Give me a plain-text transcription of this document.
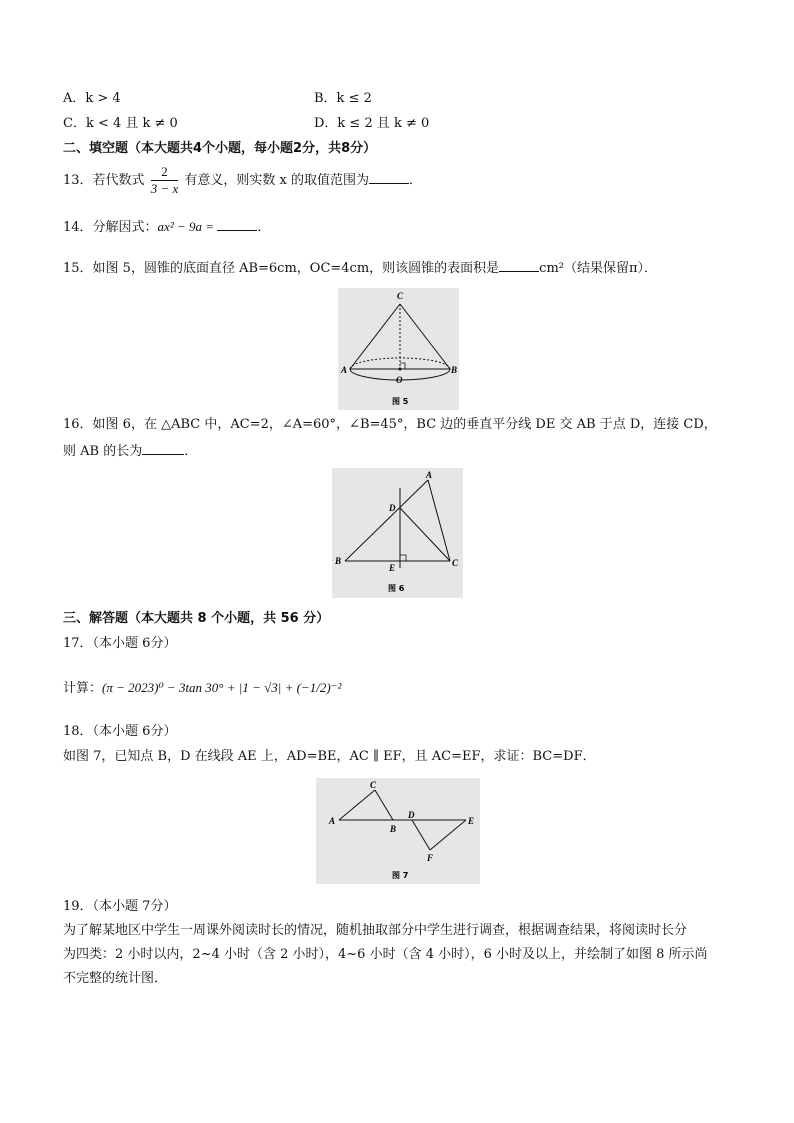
A．k > 4	B．k ≤ 2
C．k < 4 且 k ≠ 0	D．k ≤ 2 且 k ≠ 0
二、填空题（本大题共4个小题，每小题2分，共8分）
13．若代数式 $\frac{2}{3 - x}$ 有意义，则实数 x 的取值范围为	．
14．分解因式：ax² − 9a =	．
15．如图 5，圆锥的底面直径 AB=6cm，OC=4cm，则该圆锥的表面积是	cm²（结果保留π）．
C
A	B
O
图 5
16．如图 6，在 △ABC 中，AC=2，∠A=60°，∠B=45°，BC 边的垂直平分线 DE 交 AB 于点 D，连接 CD，
则 AB 的长为	．
A
B	C
D
E
图 6
三、解答题（本大题共 8 个小题，共 56 分）
17．（本小题 6分）
计算：(π − 2023)⁰ − 3tan 30° + |1 − √3| + (−1/2)⁻²
18．（本小题 6分）
如图 7，已知点 B，D 在线段 AE 上，AD=BE，AC ∥ EF，且 AC=EF，求证：BC=DF．
A
B
C
D
E
F
图 7
19．（本小题 7分）
为了解某地区中学生一周课外阅读时长的情况，随机抽取部分中学生进行调查，根据调查结果，将阅读时长分
为四类：2 小时以内，2~4 小时（含 2 小时），4~6 小时（含 4 小时），6 小时及以上，并绘制了如图 8 所示尚
不完整的统计图．
